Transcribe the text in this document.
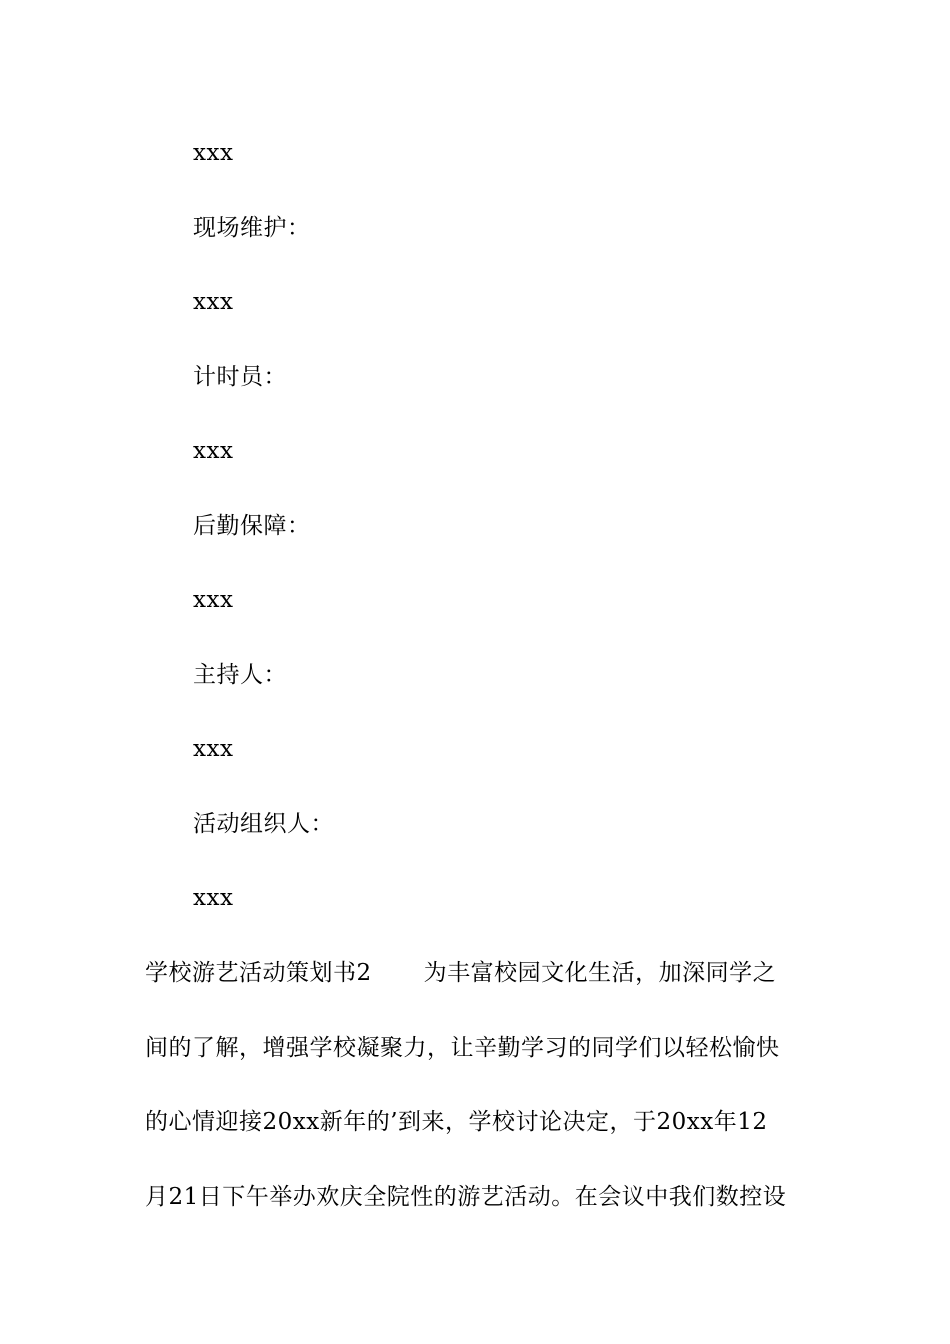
xxx
现场维护：
xxx
计时员：
xxx
后勤保障：
xxx
主持人：
xxx
活动组织人：
xxx
学校游艺活动策划书2 为丰富校园文化生活，加深同学之
间的了解，增强学校凝聚力，让辛勤学习的同学们以轻松愉快
的心情迎接20xx新年的’到来，学校讨论决定，于20xx年12
月21日下午举办欢庆全院性的游艺活动。在会议中我们数控设
